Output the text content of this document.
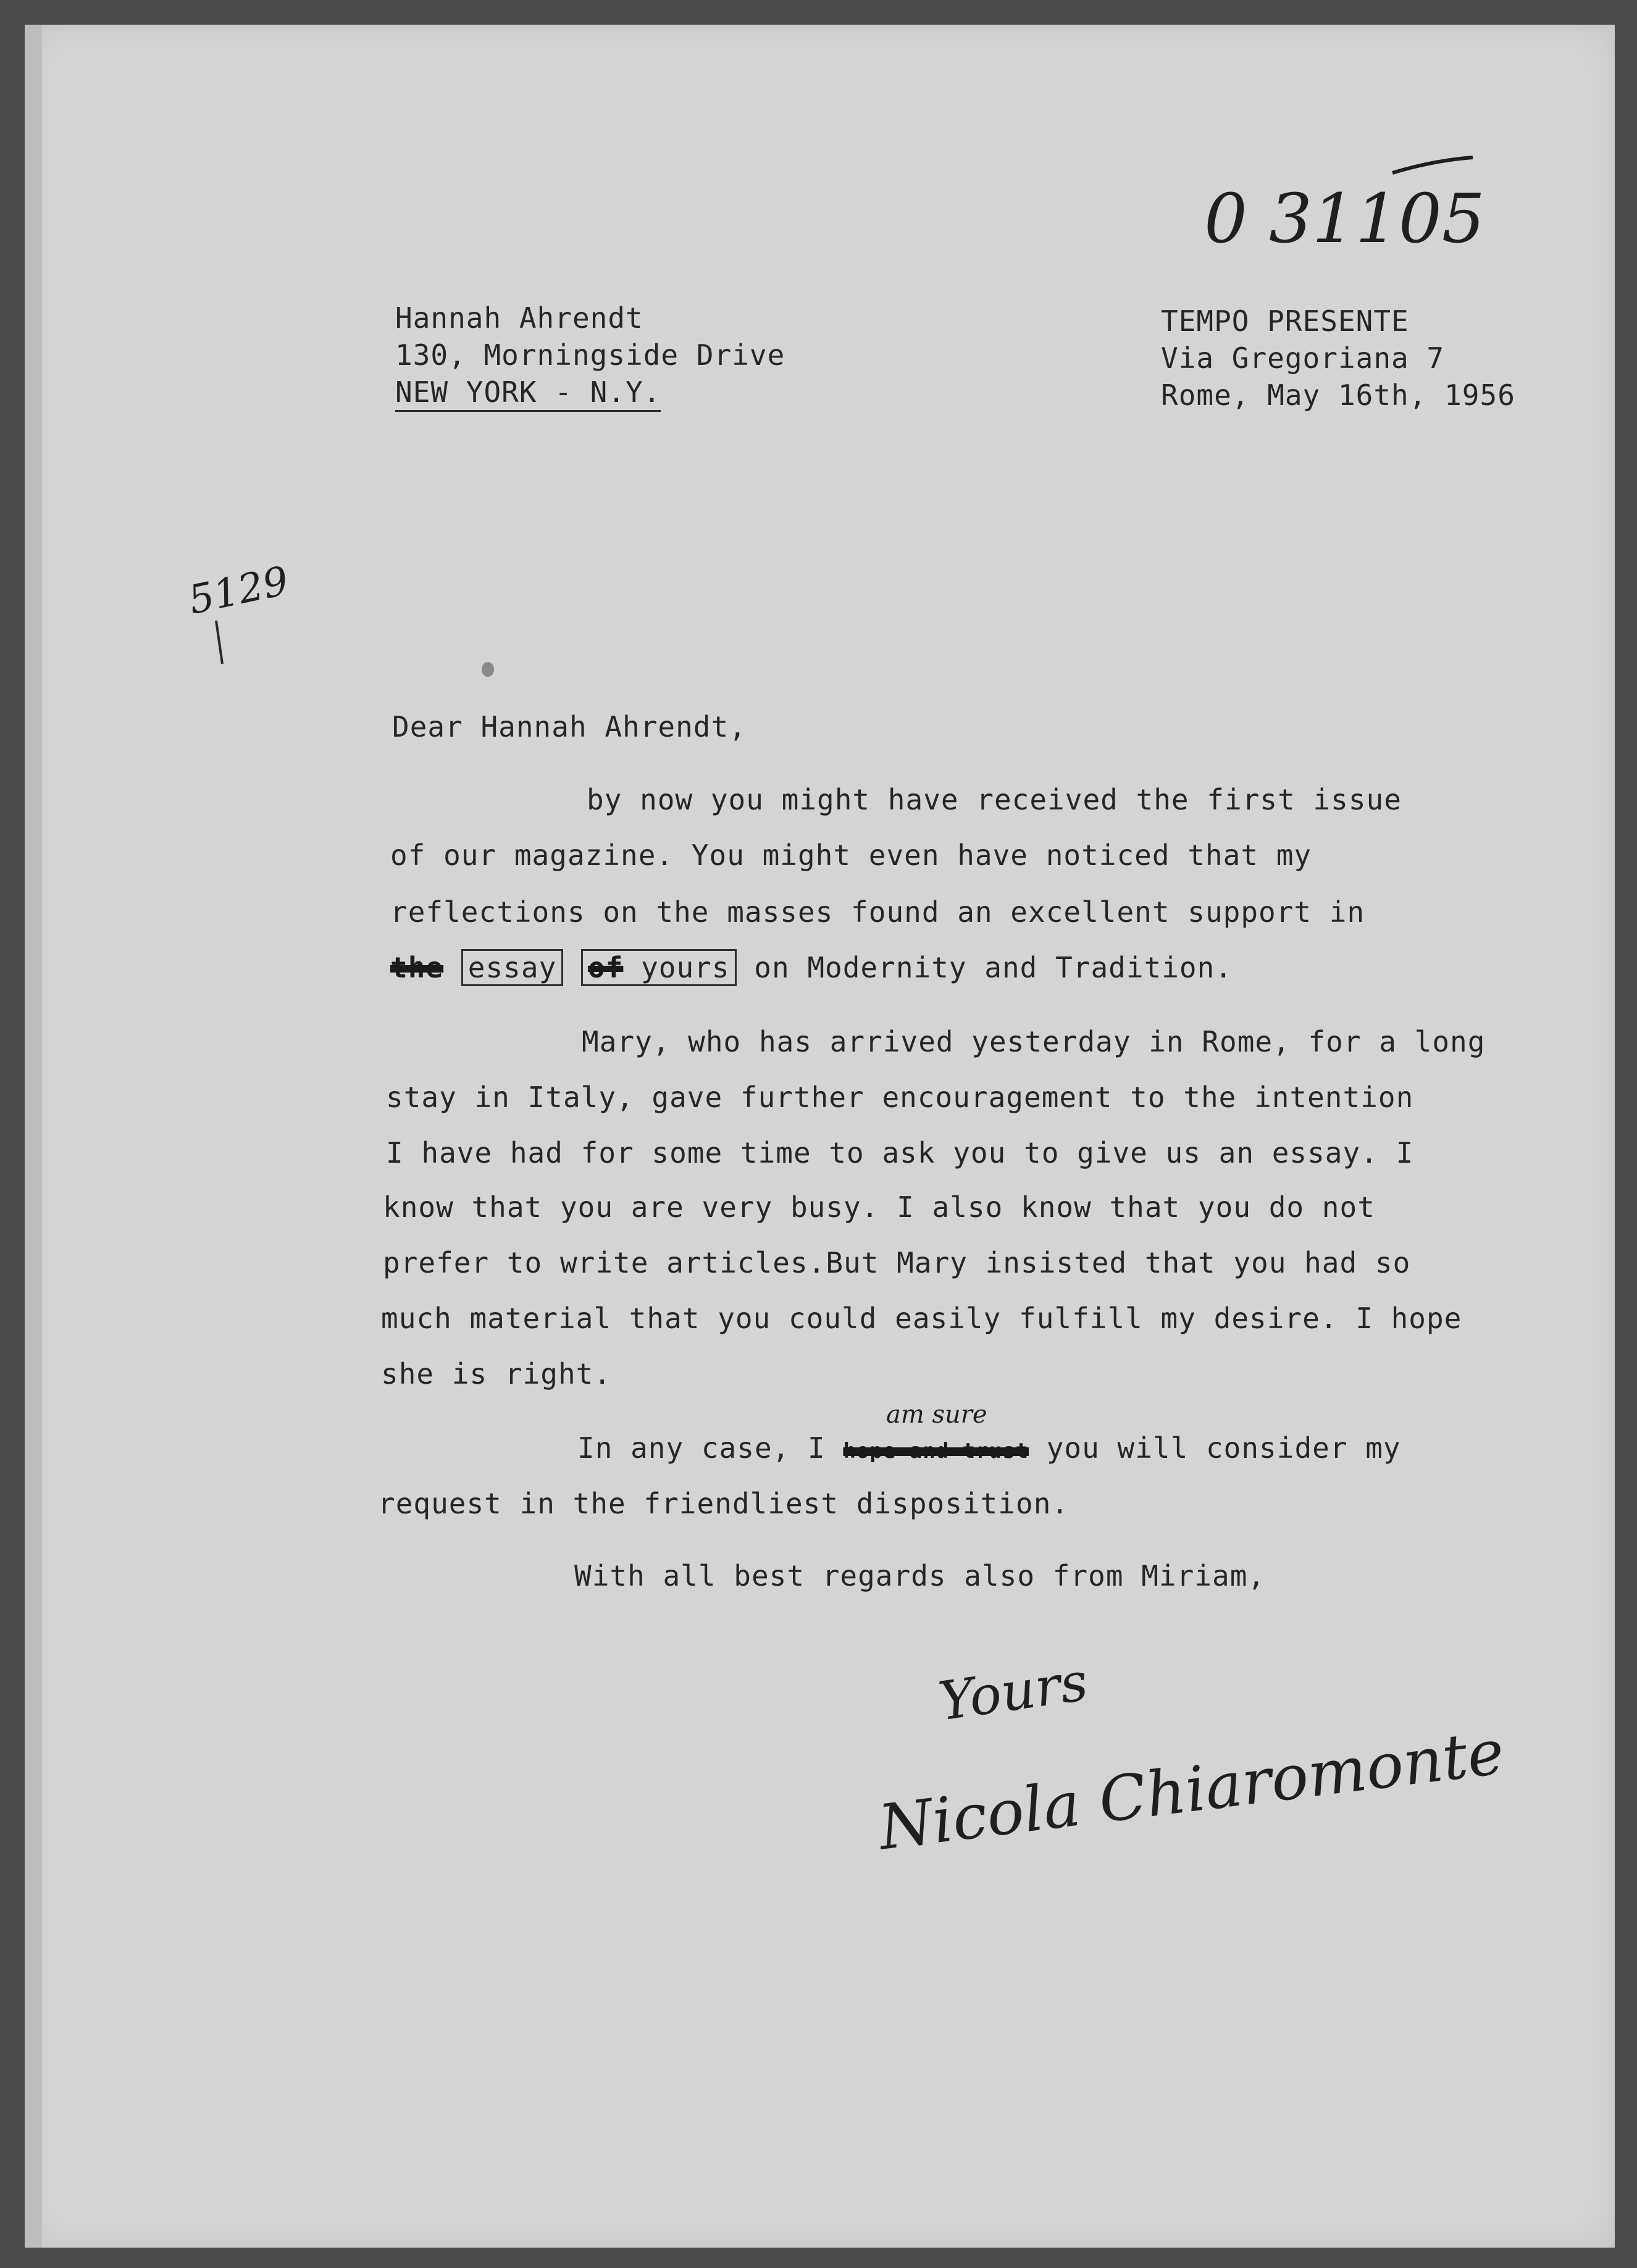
0 31105
5129
Hannah Ahrendt
130, Morningside Drive
NEW YORK - N.Y.
TEMPO PRESENTE
Via Gregoriana 7
Rome, May 16th, 1956
Dear Hannah Ahrendt,
by now you might have received the first issue
of our magazine. You might even have noticed that my
reflections on the masses found an excellent support in
the essay of yours on Modernity and Tradition.
Mary, who has arrived yesterday in Rome, for a long
stay in Italy, gave further encouragement to the intention
I have had for some time to ask you to give us an essay. I
know that you are very busy. I also know that you do not
prefer to write articles.But Mary insisted that you had so
much material that you could easily fulfill my desire. I hope
she is right.
am sure
In any case, I hope and trust you will consider my
request in the friendliest disposition.
With all best regards also from Miriam,
Yours
Nicola Chiaromonte
